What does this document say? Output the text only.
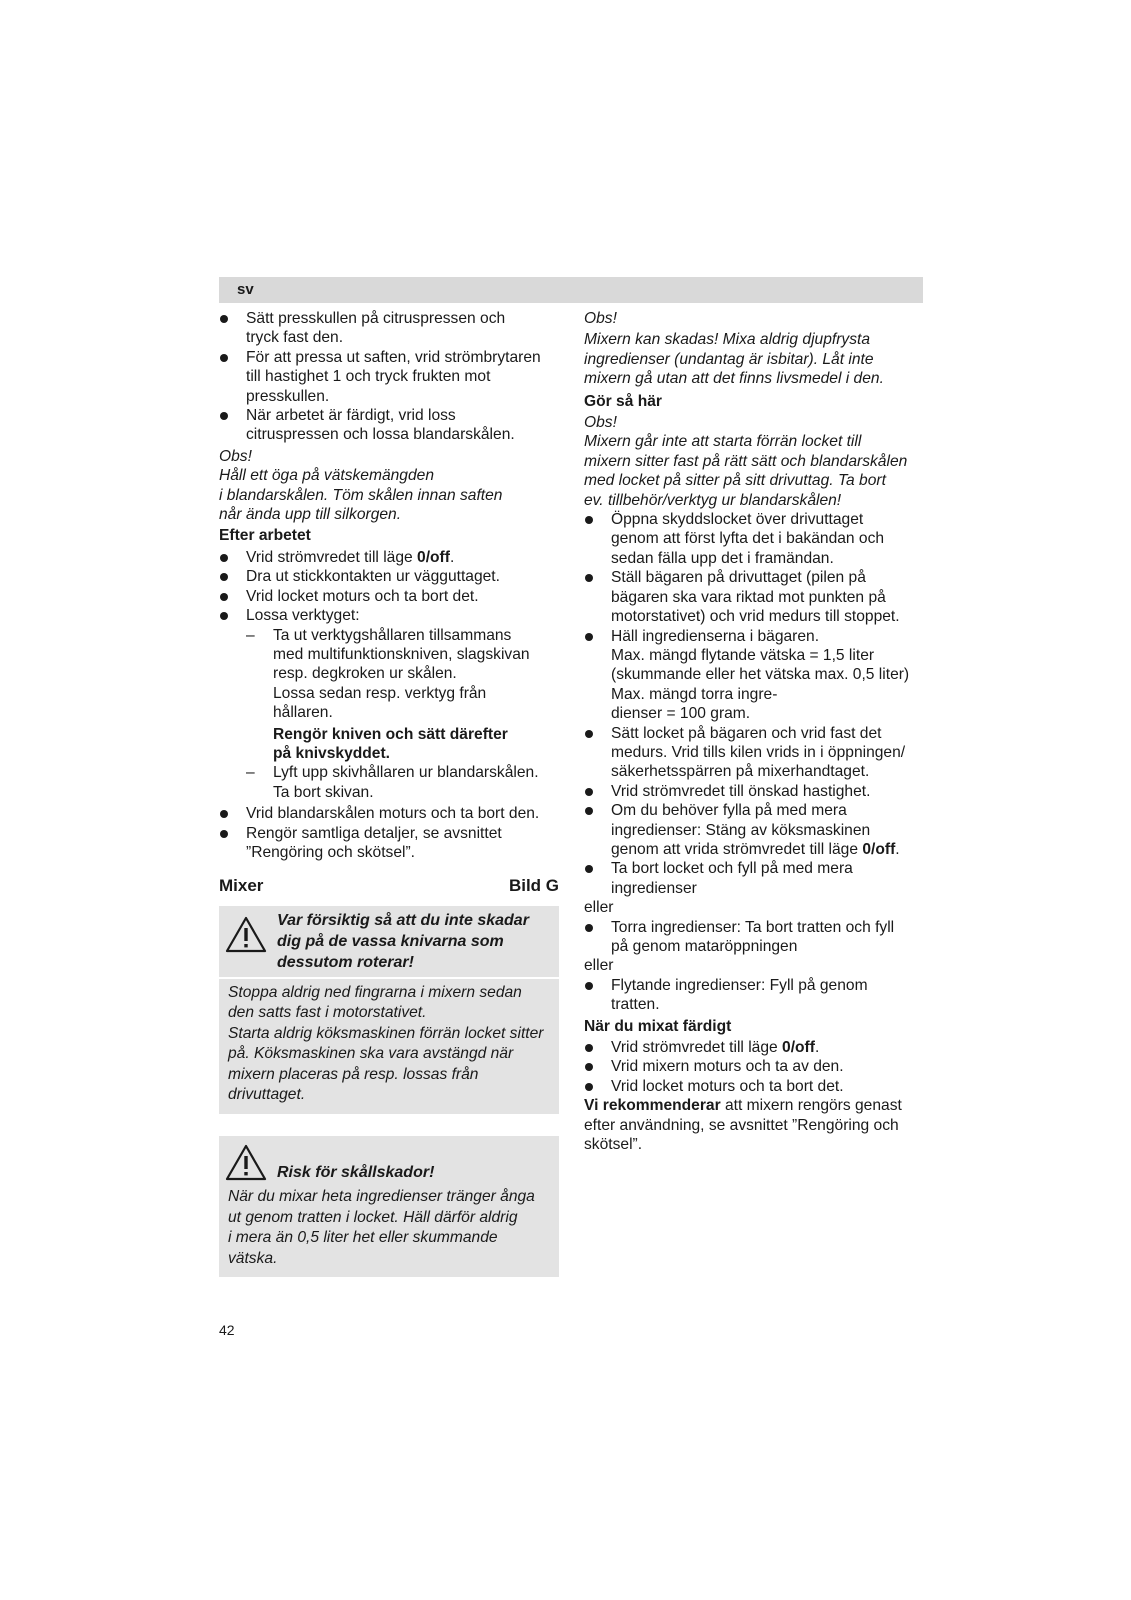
sv
Sätt presskullen på citruspressen och
tryck fast den.
För att pressa ut saften, vrid strömbrytaren
till hastighet 1 och tryck frukten mot
presskullen.
När arbetet är färdigt, vrid loss
citruspressen och lossa blandarskålen.
Obs!
Håll ett öga på vätskemängden
i blandarskålen. Töm skålen innan saften
når ända upp till silkorgen.
Efter arbetet
Vrid strömvredet till läge 0/off.
Dra ut stickkontakten ur vägguttaget.
Vrid locket moturs och ta bort det.
Lossa verktyget:
– Ta ut verktygshållaren tillsammans
med multifunktionskniven, slagskivan
resp. degkroken ur skålen.
Lossa sedan resp. verktyg från
hållaren.
Rengör kniven och sätt därefter
på knivskyddet.
– Lyft upp skivhållaren ur blandarskålen.
Ta bort skivan.
Vrid blandarskålen moturs och ta bort den.
Rengör samtliga detaljer, se avsnittet
”Rengöring och skötsel”.
Mixer	Bild G
Var försiktig så att du inte skadar
dig på de vassa knivarna som
dessutom roterar!
Stoppa aldrig ned fingrarna i mixern sedan
den satts fast i motorstativet.
Starta aldrig köksmaskinen förrän locket sitter
på. Köksmaskinen ska vara avstängd när
mixern placeras på resp. lossas från
drivuttaget.
Risk för skållskador!
När du mixar heta ingredienser tränger ånga
ut genom tratten i locket. Häll därför aldrig
i mera än 0,5 liter het eller skummande
vätska.
Obs!
Mixern kan skadas! Mixa aldrig djupfrysta
ingredienser (undantag är isbitar). Låt inte
mixern gå utan att det finns livsmedel i den.
Gör så här
Obs!
Mixern går inte att starta förrän locket till
mixern sitter fast på rätt sätt och blandarskålen
med locket på sitter på sitt drivuttag. Ta bort
ev. tillbehör/verktyg ur blandarskålen!
Öppna skyddslocket över drivuttaget
genom att först lyfta det i bakändan och
sedan fälla upp det i framändan.
Ställ bägaren på drivuttaget (pilen på
bägaren ska vara riktad mot punkten på
motorstativet) och vrid medurs till stoppet.
Häll ingredienserna i bägaren.
Max. mängd flytande vätska = 1,5 liter
(skummande eller het vätska max. 0,5 liter)
Max. mängd torra ingre-
dienser = 100 gram.
Sätt locket på bägaren och vrid fast det
medurs. Vrid tills kilen vrids in i öppningen/
säkerhetsspärren på mixerhandtaget.
Vrid strömvredet till önskad hastighet.
Om du behöver fylla på med mera
ingredienser: Stäng av köksmaskinen
genom att vrida strömvredet till läge 0/off.
Ta bort locket och fyll på med mera
ingredienser
eller
Torra ingredienser: Ta bort tratten och fyll
på genom mataröppningen
eller
Flytande ingredienser: Fyll på genom
tratten.
När du mixat färdigt
Vrid strömvredet till läge 0/off.
Vrid mixern moturs och ta av den.
Vrid locket moturs och ta bort det.
Vi rekommenderar att mixern rengörs genast
efter användning, se avsnittet ”Rengöring och
skötsel”.
42
